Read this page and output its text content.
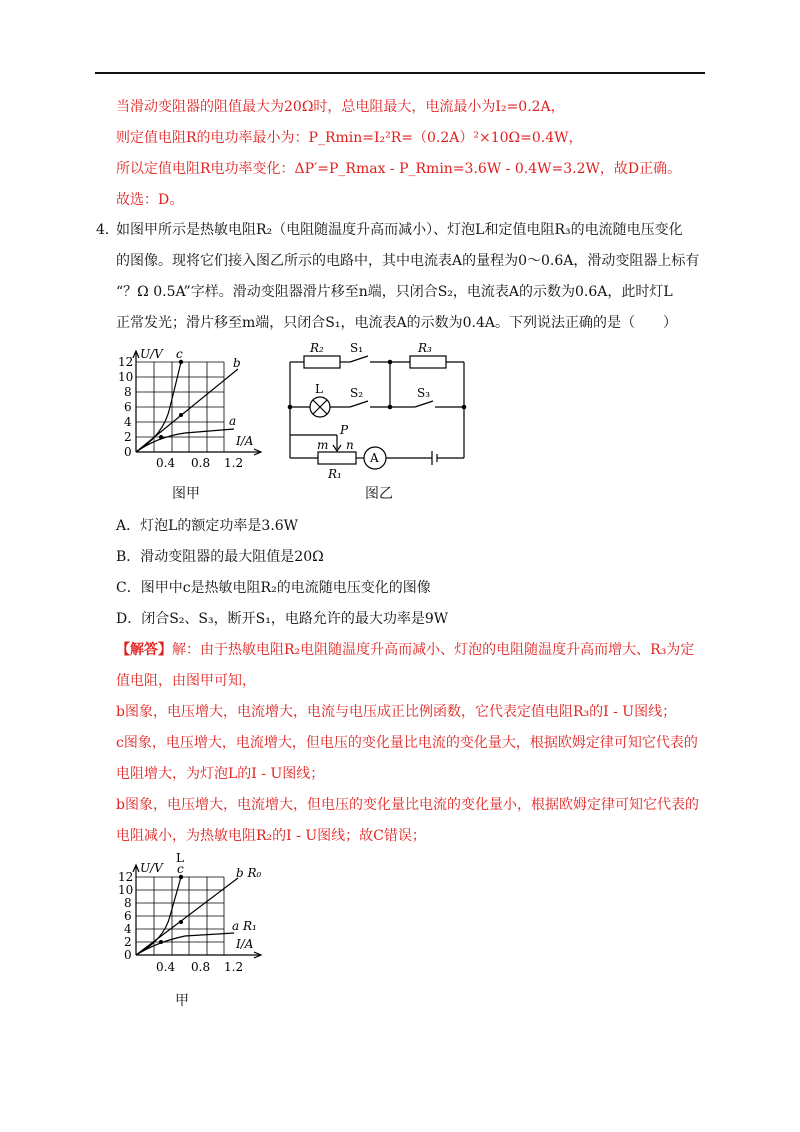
当滑动变阻器的阻值最大为20Ω时，总电阻最大，电流最小为I₂=0.2A，
则定值电阻R的电功率最小为：P_Rmin=I₂²R=（0.2A）²×10Ω=0.4W，
所以定值电阻R电功率变化：ΔP′=P_Rmax - P_Rmin=3.6W - 0.4W=3.2W，故D正确。
故选：D。
4．
如图甲所示是热敏电阻R₂（电阻随温度升高而减小）、灯泡L和定值电阻R₃的电流随电压变化
的图像。现将它们接入图乙所示的电路中，其中电流表A的量程为0～0.6A，滑动变阻器上标有
“？Ω 0.5A”字样。滑动变阻器滑片移至n端，只闭合S₂，电流表A的示数为0.6A，此时灯L
正常发光；滑片移至m端，只闭合S₁，电流表A的示数为0.4A。下列说法正确的是（　　）
U/V
I/A
c
b
a
12
10
8
6
4
2
0
0.4 0.8 1.2
图甲
R₂ S₁	R₃
L S₂	S₃
P
m n
R₁
A
图乙
A．灯泡L的额定功率是3.6W
B．滑动变阻器的最大阻值是20Ω
C．图甲中c是热敏电阻R₂的电流随电压变化的图像
D．闭合S₂、S₃，断开S₁，电路允许的最大功率是9W
【解答】解：由于热敏电阻R₂电阻随温度升高而减小、灯泡的电阻随温度升高而增大、R₃为定
值电阻，由图甲可知，
b图象，电压增大，电流增大，电流与电压成正比例函数，它代表定值电阻R₃的I - U图线；
c图象，电压增大，电流增大，但电压的变化量比电流的变化量大，根据欧姆定律可知它代表的
电阻增大，为灯泡L的I - U图线；
b图象，电压增大，电流增大，但电压的变化量比电流的变化量小，根据欧姆定律可知它代表的
电阻减小，为热敏电阻R₂的I - U图线；故C错误；
U/V
I/A
L
c	b R₀
a R₁
12
10
8
6
4
2
0
0.4 0.8 1.2
甲
